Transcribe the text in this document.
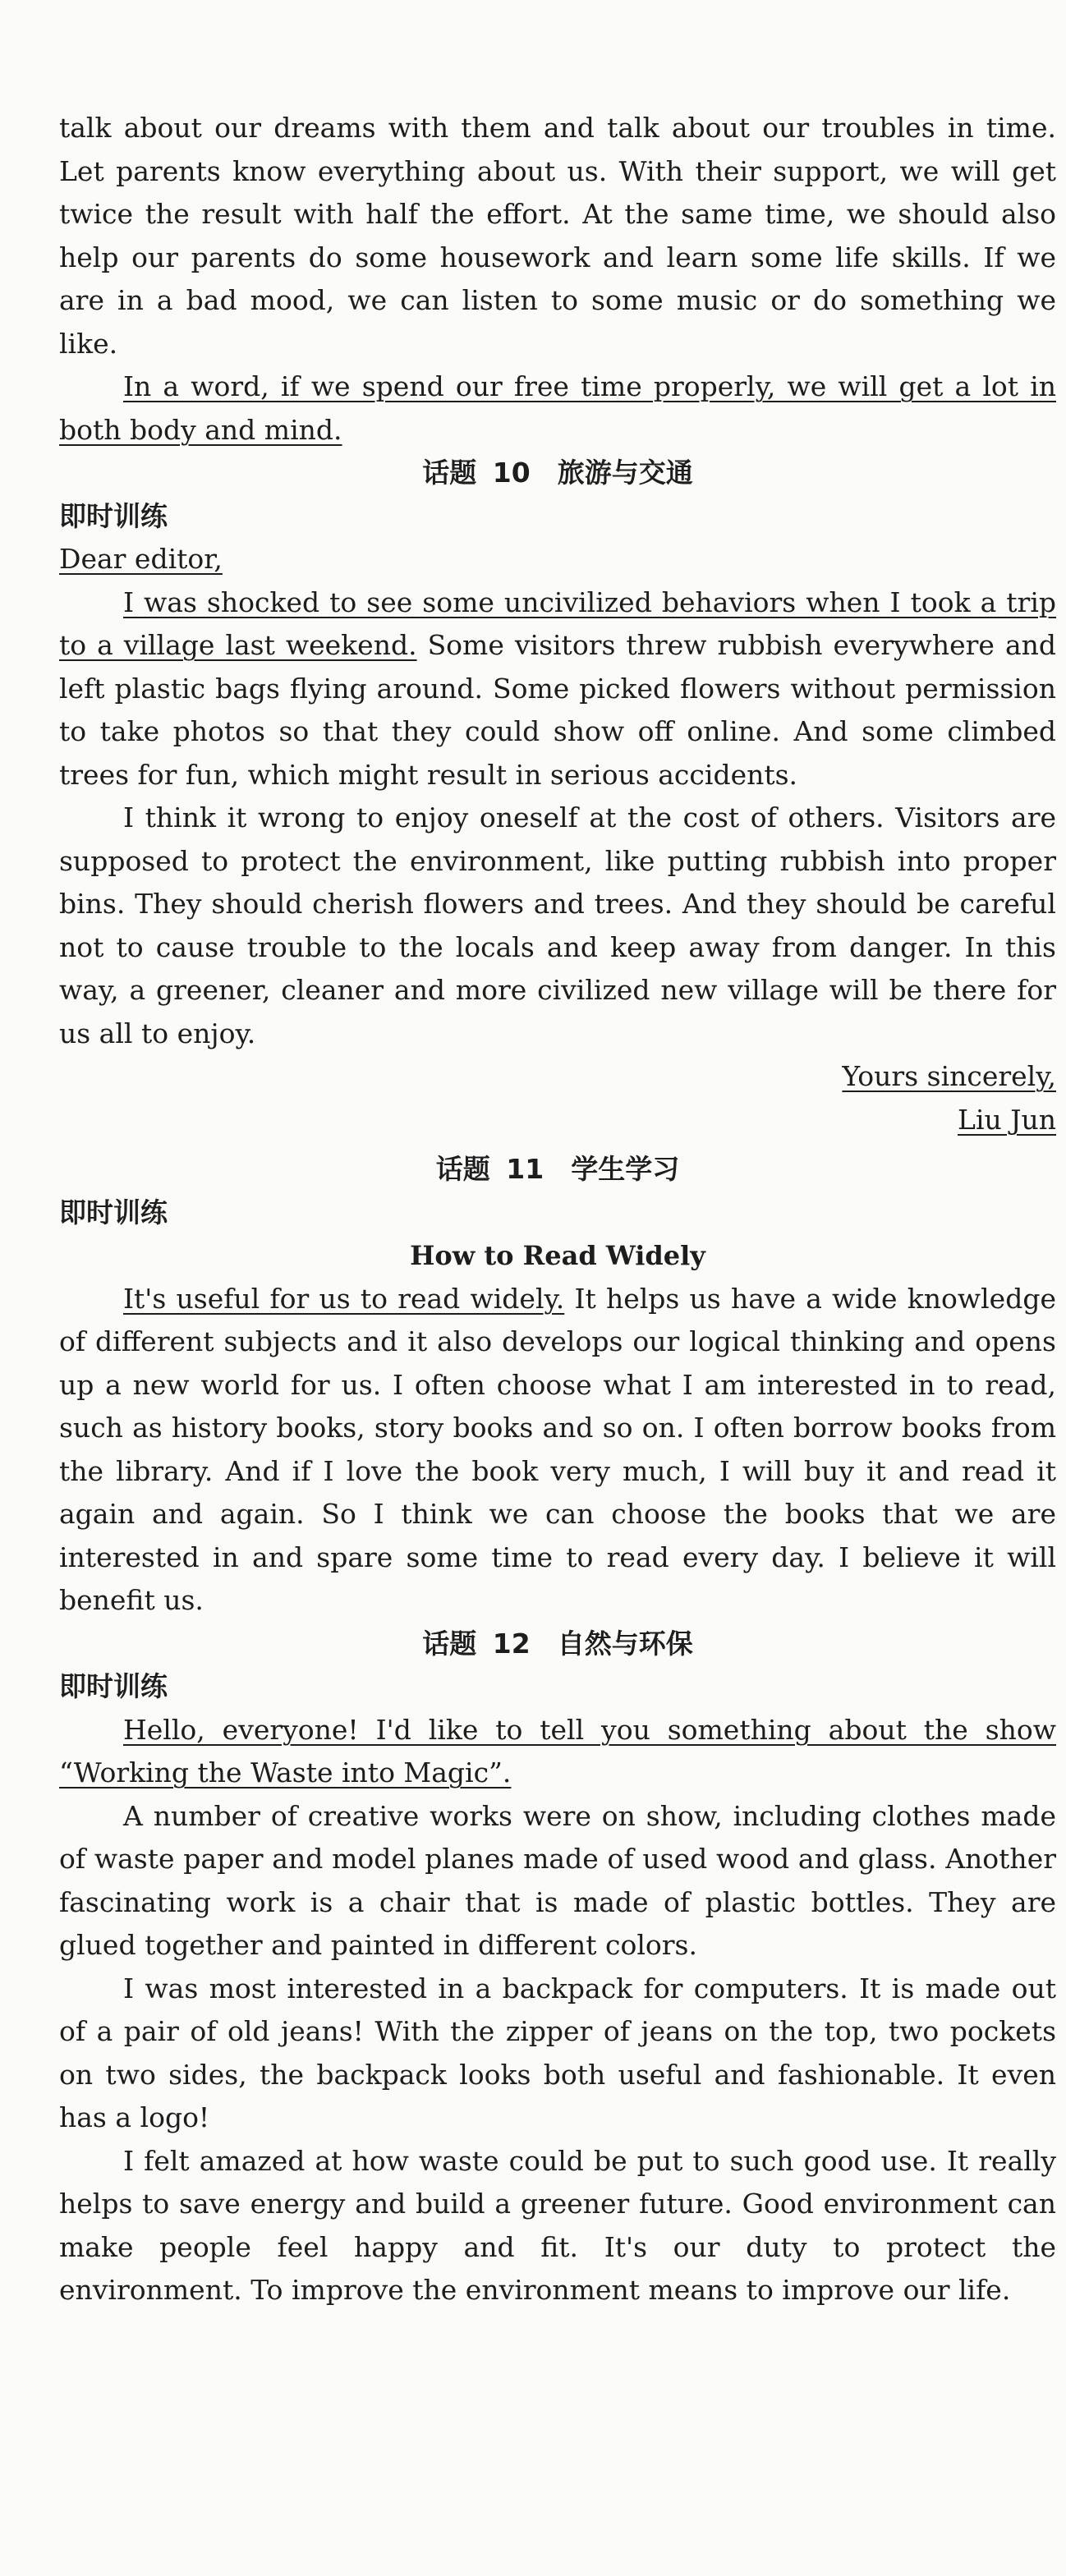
talk about our dreams with them and talk about our troubles in time. Let parents know everything about us. With their support, we will get twice the result with half the effort. At the same time, we should also help our parents do some housework and learn some life skills. If we are in a bad mood, we can listen to some music or do something we like.

In a word, if we spend our free time properly, we will get a lot in both body and mind.

话题 10　旅游与交通

即时训练

Dear editor,

I was shocked to see some uncivilized behaviors when I took a trip to a village last weekend. Some visitors threw rubbish everywhere and left plastic bags flying around. Some picked flowers without permission to take photos so that they could show off online. And some climbed trees for fun, which might result in serious accidents.

I think it wrong to enjoy oneself at the cost of others. Visitors are supposed to protect the environment, like putting rubbish into proper bins. They should cherish flowers and trees. And they should be careful not to cause trouble to the locals and keep away from danger. In this way, a greener, cleaner and more civilized new village will be there for us all to enjoy.

Yours sincerely,

Liu Jun

话题 11　学生学习

即时训练

How to Read Widely

It's useful for us to read widely. It helps us have a wide knowledge of different subjects and it also develops our logical thinking and opens up a new world for us. I often choose what I am interested in to read, such as history books, story books and so on. I often borrow books from the library. And if I love the book very much, I will buy it and read it again and again. So I think we can choose the books that we are interested in and spare some time to read every day. I believe it will benefit us.

话题 12　自然与环保

即时训练

Hello, everyone! I'd like to tell you something about the show “Working the Waste into Magic”.

A number of creative works were on show, including clothes made of waste paper and model planes made of used wood and glass. Another fascinating work is a chair that is made of plastic bottles. They are glued together and painted in different colors.

I was most interested in a backpack for computers. It is made out of a pair of old jeans! With the zipper of jeans on the top, two pockets on two sides, the backpack looks both useful and fashionable. It even has a logo!

I felt amazed at how waste could be put to such good use. It really helps to save energy and build a greener future. Good environment can make people feel happy and fit. It's our duty to protect the environment. To improve the environment means to improve our life.
